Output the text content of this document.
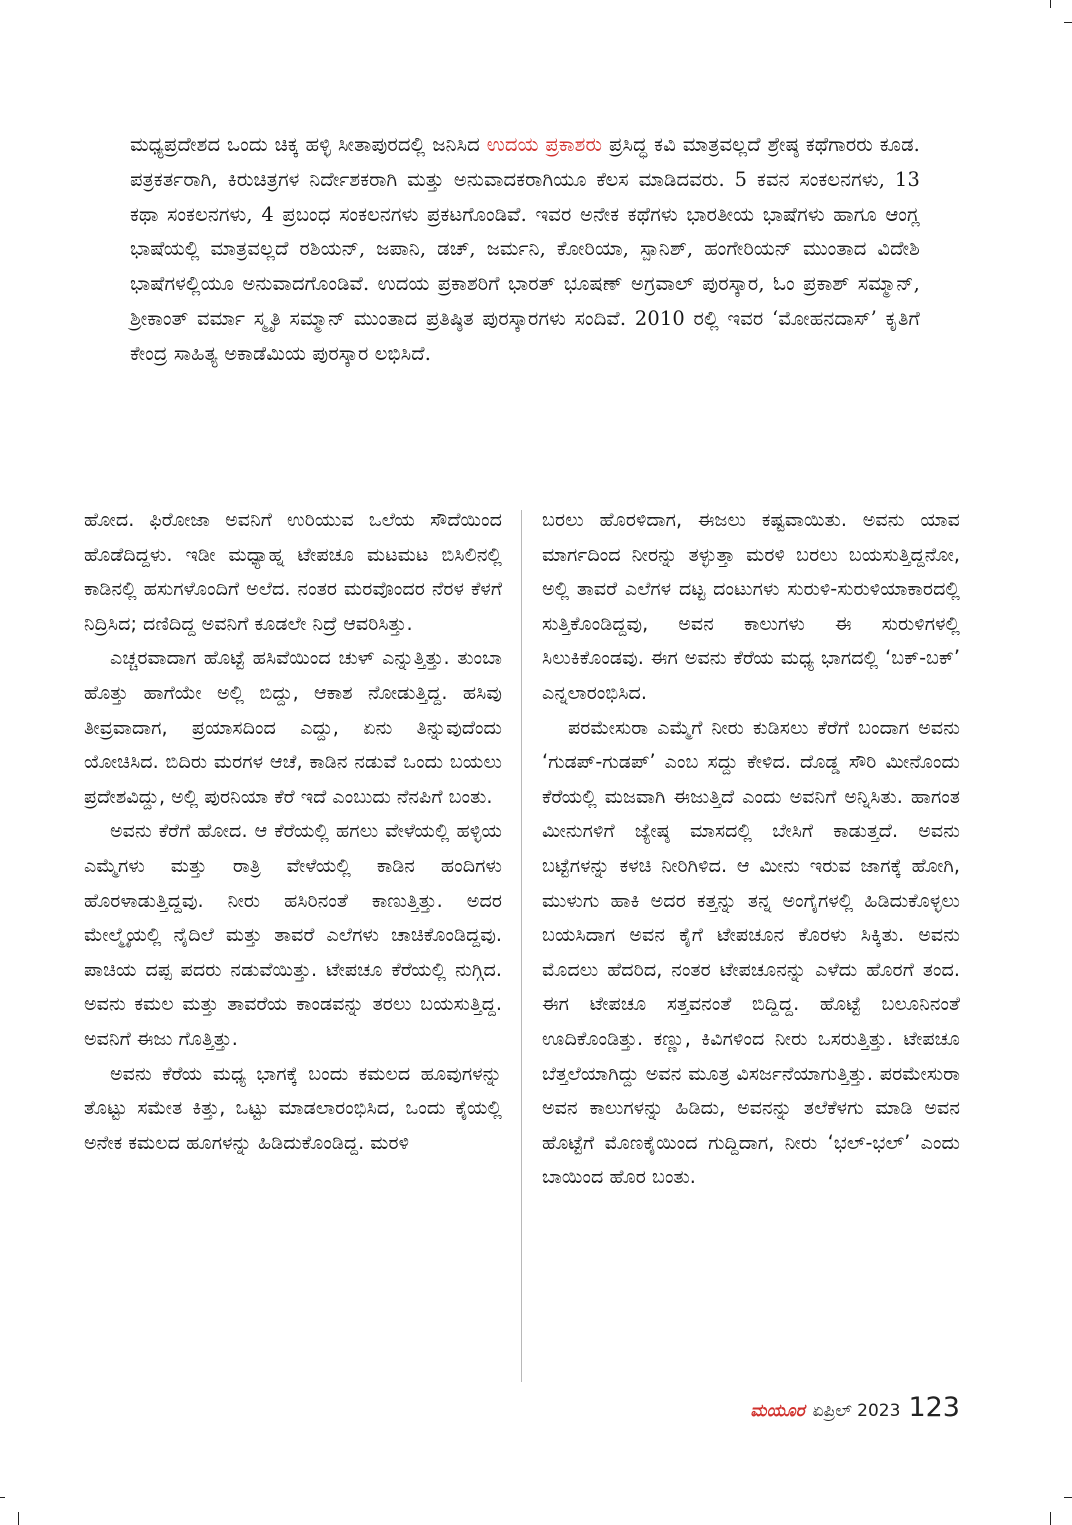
ಮಧ್ಯಪ್ರದೇಶದ ಒಂದು ಚಿಕ್ಕ ಹಳ್ಳಿ ಸೀತಾಪುರದಲ್ಲಿ ಜನಿಸಿದ ಉದಯ ಪ್ರಕಾಶರು ಪ್ರಸಿದ್ಧ ಕವಿ ಮಾತ್ರವಲ್ಲದೆ ಶ್ರೇಷ್ಠ ಕಥೆಗಾರರು ಕೂಡ. ಪತ್ರಕರ್ತರಾಗಿ, ಕಿರುಚಿತ್ರಗಳ ನಿರ್ದೇಶಕರಾಗಿ ಮತ್ತು ಅನುವಾದಕರಾಗಿಯೂ ಕೆಲಸ ಮಾಡಿದವರು. 5 ಕವನ ಸಂಕಲನಗಳು, 13 ಕಥಾ ಸಂಕಲನಗಳು, 4 ಪ್ರಬಂಧ ಸಂಕಲನಗಳು ಪ್ರಕಟಗೊಂಡಿವೆ. ಇವರ ಅನೇಕ ಕಥೆಗಳು ಭಾರತೀಯ ಭಾಷೆಗಳು ಹಾಗೂ ಆಂಗ್ಲ ಭಾಷೆಯಲ್ಲಿ ಮಾತ್ರವಲ್ಲದೆ ರಶಿಯನ್, ಜಪಾನಿ, ಡಚ್, ಜರ್ಮನಿ, ಕೋರಿಯಾ, ಸ್ಪಾನಿಶ್, ಹಂಗೇರಿಯನ್ ಮುಂತಾದ ವಿದೇಶಿ ಭಾಷೆಗಳಲ್ಲಿಯೂ ಅನುವಾದಗೊಂಡಿವೆ. ಉದಯ ಪ್ರಕಾಶರಿಗೆ ಭಾರತ್ ಭೂಷಣ್ ಅಗ್ರವಾಲ್ ಪುರಸ್ಕಾರ, ಓಂ ಪ್ರಕಾಶ್ ಸಮ್ಮಾನ್, ಶ್ರೀಕಾಂತ್ ವರ್ಮಾ ಸ್ಮೃತಿ ಸಮ್ಮಾನ್ ಮುಂತಾದ ಪ್ರತಿಷ್ಠಿತ ಪುರಸ್ಕಾರಗಳು ಸಂದಿವೆ. 2010 ರಲ್ಲಿ ಇವರ ‘ಮೋಹನದಾಸ್’ ಕೃತಿಗೆ ಕೇಂದ್ರ ಸಾಹಿತ್ಯ ಅಕಾಡೆಮಿಯ ಪುರಸ್ಕಾರ ಲಭಿಸಿದೆ.

ಹೋದ. ಫಿರೋಜಾ ಅವನಿಗೆ ಉರಿಯುವ ಒಲೆಯ ಸೌದೆಯಿಂದ ಹೊಡೆದಿದ್ದಳು. ಇಡೀ ಮಧ್ಯಾಹ್ನ ಟೇಪಚೂ ಮಟಮಟ ಬಿಸಿಲಿನಲ್ಲಿ ಕಾಡಿನಲ್ಲಿ ಹಸುಗಳೊಂದಿಗೆ ಅಲೆದ. ನಂತರ ಮರವೊಂದರ ನೆರಳ ಕೆಳಗೆ ನಿದ್ರಿಸಿದ; ದಣಿದಿದ್ದ ಅವನಿಗೆ ಕೂಡಲೇ ನಿದ್ರೆ ಆವರಿಸಿತ್ತು.

ಎಚ್ಚರವಾದಾಗ ಹೊಟ್ಟೆ ಹಸಿವೆಯಿಂದ ಚುಳ್ ಎನ್ನುತ್ತಿತ್ತು. ತುಂಬಾ ಹೊತ್ತು ಹಾಗೆಯೇ ಅಲ್ಲಿ ಬಿದ್ದು, ಆಕಾಶ ನೋಡುತ್ತಿದ್ದ. ಹಸಿವು ತೀವ್ರವಾದಾಗ, ಪ್ರಯಾಸದಿಂದ ಎದ್ದು, ಏನು ತಿನ್ನುವುದೆಂದು ಯೋಚಿಸಿದ. ಬಿದಿರು ಮರಗಳ ಆಚೆ, ಕಾಡಿನ ನಡುವೆ ಒಂದು ಬಯಲು ಪ್ರದೇಶವಿದ್ದು, ಅಲ್ಲಿ ಪುರನಿಯಾ ಕೆರೆ ಇದೆ ಎಂಬುದು ನೆನಪಿಗೆ ಬಂತು.

ಅವನು ಕೆರೆಗೆ ಹೋದ. ಆ ಕೆರೆಯಲ್ಲಿ ಹಗಲು ವೇಳೆಯಲ್ಲಿ ಹಳ್ಳಿಯ ಎಮ್ಮೆಗಳು ಮತ್ತು ರಾತ್ರಿ ವೇಳೆಯಲ್ಲಿ ಕಾಡಿನ ಹಂದಿಗಳು ಹೊರಳಾಡುತ್ತಿದ್ದವು. ನೀರು ಹಸಿರಿನಂತೆ ಕಾಣುತ್ತಿತ್ತು. ಅದರ ಮೇಲ್ಮೈಯಲ್ಲಿ ನೈದಿಲೆ ಮತ್ತು ತಾವರೆ ಎಲೆಗಳು ಚಾಚಿಕೊಂಡಿದ್ದವು. ಪಾಚಿಯ ದಪ್ಪ ಪದರು ನಡುವೆಯಿತ್ತು. ಟೇಪಚೂ ಕೆರೆಯಲ್ಲಿ ನುಗ್ಗಿದ. ಅವನು ಕಮಲ ಮತ್ತು ತಾವರೆಯ ಕಾಂಡವನ್ನು ತರಲು ಬಯಸುತ್ತಿದ್ದ. ಅವನಿಗೆ ಈಜು ಗೊತ್ತಿತ್ತು.

ಅವನು ಕೆರೆಯ ಮಧ್ಯ ಭಾಗಕ್ಕೆ ಬಂದು ಕಮಲದ ಹೂವುಗಳನ್ನು ತೊಟ್ಟು ಸಮೇತ ಕಿತ್ತು, ಒಟ್ಟು ಮಾಡಲಾರಂಭಿಸಿದ, ಒಂದು ಕೈಯಲ್ಲಿ ಅನೇಕ ಕಮಲದ ಹೂಗಳನ್ನು ಹಿಡಿದುಕೊಂಡಿದ್ದ. ಮರಳಿ

ಬರಲು ಹೊರಳಿದಾಗ, ಈಜಲು ಕಷ್ಟವಾಯಿತು. ಅವನು ಯಾವ ಮಾರ್ಗದಿಂದ ನೀರನ್ನು ತಳ್ಳುತ್ತಾ ಮರಳಿ ಬರಲು ಬಯಸುತ್ತಿದ್ದನೋ, ಅಲ್ಲಿ ತಾವರೆ ಎಲೆಗಳ ದಟ್ಟ ದಂಟುಗಳು ಸುರುಳಿ-ಸುರುಳಿಯಾಕಾರದಲ್ಲಿ ಸುತ್ತಿಕೊಂಡಿದ್ದವು, ಅವನ ಕಾಲುಗಳು ಈ ಸುರುಳಿಗಳಲ್ಲಿ ಸಿಲುಕಿಕೊಂಡವು. ಈಗ ಅವನು ಕೆರೆಯ ಮಧ್ಯ ಭಾಗದಲ್ಲಿ ‘ಬಕ್-ಬಕ್’ ಎನ್ನಲಾರಂಭಿಸಿದ.

ಪರಮೇಸುರಾ ಎಮ್ಮೆಗೆ ನೀರು ಕುಡಿಸಲು ಕೆರೆಗೆ ಬಂದಾಗ ಅವನು ‘ಗುಡಪ್-ಗುಡಪ್’ ಎಂಬ ಸದ್ದು ಕೇಳಿದ. ದೊಡ್ಡ ಸೌರಿ ಮೀನೊಂದು ಕೆರೆಯಲ್ಲಿ ಮಜವಾಗಿ ಈಜುತ್ತಿದೆ ಎಂದು ಅವನಿಗೆ ಅನ್ನಿಸಿತು. ಹಾಗಂತ ಮೀನುಗಳಿಗೆ ಜ್ಯೇಷ್ಠ ಮಾಸದಲ್ಲಿ ಬೇಸಿಗೆ ಕಾಡುತ್ತದೆ. ಅವನು ಬಟ್ಟೆಗಳನ್ನು ಕಳಚಿ ನೀರಿಗಿಳಿದ. ಆ ಮೀನು ಇರುವ ಜಾಗಕ್ಕೆ ಹೋಗಿ, ಮುಳುಗು ಹಾಕಿ ಅದರ ಕತ್ತನ್ನು ತನ್ನ ಅಂಗೈಗಳಲ್ಲಿ ಹಿಡಿದುಕೊಳ್ಳಲು ಬಯಸಿದಾಗ ಅವನ ಕೈಗೆ ಟೇಪಚೂನ ಕೊರಳು ಸಿಕ್ಕಿತು. ಅವನು ಮೊದಲು ಹೆದರಿದ, ನಂತರ ಟೇಪಚೂನನ್ನು ಎಳೆದು ಹೊರಗೆ ತಂದ. ಈಗ ಟೇಪಚೂ ಸತ್ತವನಂತೆ ಬಿದ್ದಿದ್ದ. ಹೊಟ್ಟೆ ಬಲೂನಿನಂತೆ ಊದಿಕೊಂಡಿತ್ತು. ಕಣ್ಣು, ಕಿವಿಗಳಿಂದ ನೀರು ಒಸರುತ್ತಿತ್ತು. ಟೇಪಚೂ ಬೆತ್ತಲೆಯಾಗಿದ್ದು ಅವನ ಮೂತ್ರ ವಿಸರ್ಜನೆಯಾಗುತ್ತಿತ್ತು. ಪರಮೇಸುರಾ ಅವನ ಕಾಲುಗಳನ್ನು ಹಿಡಿದು, ಅವನನ್ನು ತಲೆಕೆಳಗು ಮಾಡಿ ಅವನ ಹೊಟ್ಟೆಗೆ ಮೊಣಕೈಯಿಂದ ಗುದ್ದಿದಾಗ, ನೀರು ‘ಭಲ್-ಭಲ್’ ಎಂದು ಬಾಯಿಂದ ಹೊರ ಬಂತು.

ಮಯೂರ ಏಪ್ರಿಲ್ 2023 123
